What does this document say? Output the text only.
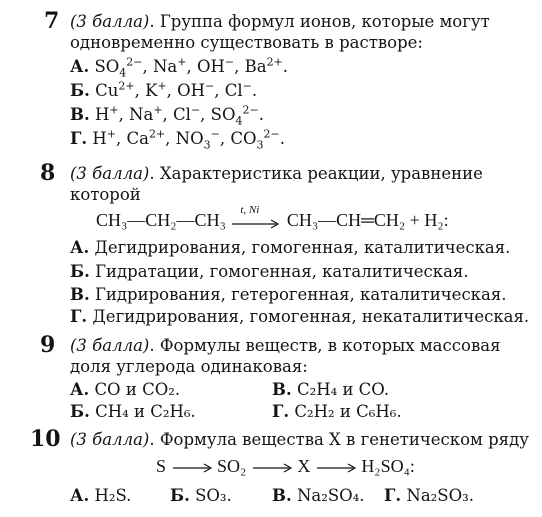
7 (3 балла). Группа формул ионов, которые могут
одновременно существовать в растворе:
А. $SO_4^{2-}$, Na+, OH−, $Ba^{2+}$.
Б. $Cu^{2+}$, K+, OH−, Cl−.
В. H+, Na+, Cl−, $SO_4^{2-}$.
Г. H+, $Ca^{2+}$, $NO_3^-$, $CO_3^{2-}$.
8 (3 балла). Характеристика реакции, уравнение
которой
CH₃—CH₂—CH₃
t, Ni
CH₃—CH═CH₂ + H₂:
А. Дегидрирования, гомогенная, каталитическая.
Б. Гидратации, гомогенная, каталитическая.
В. Гидрирования, гетерогенная, каталитическая.
Г. Дегидрирования, гомогенная, некаталитическая.
9 (3 балла). Формулы веществ, в которых массовая
доля углерода одинаковая:
А. CO и CO₂.	В. C₂H₄ и CO.
Б. CH₄ и C₂H₆.	Г. C₂H₂ и C₆H₆.
10 (3 балла). Формула вещества X в генетическом ряду
S	SO₂	X	H₂SO₄:
А. H₂S. Б. SO₃. В. Na₂SO₄. Г. Na₂SO₃.
